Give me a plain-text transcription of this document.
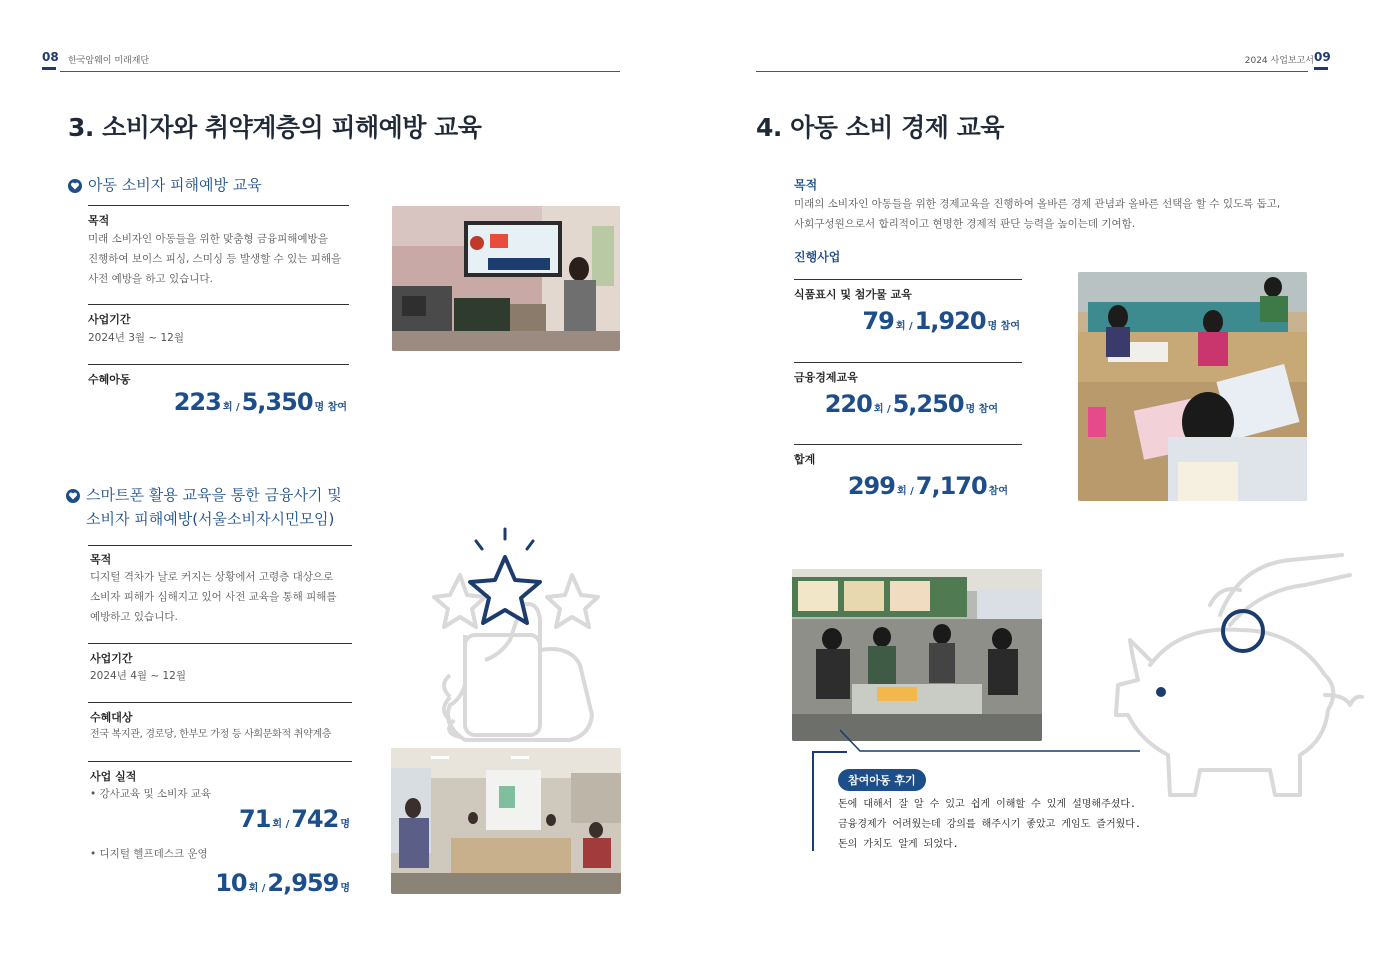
08 한국암웨이 미래재단
3. 소비자와 취약계층의 피해예방 교육
아동 소비자 피해예방 교육
목적
미래 소비자인 아동들을 위한 맞춤형 금융피해예방을
진행하여 보이스 피싱, 스미싱 등 발생할 수 있는 피해을
사전 예방을 하고 있습니다.
사업기간
2024년 3월 ~ 12월
수혜아동
223 회 / 5,350 명 참여
스마트폰 활용 교육을 통한 금융사기 및
소비자 피해예방(서울소비자시민모임)
목적
디지털 격차가 날로 커지는 상황에서 고령층 대상으로
소비자 피해가 심해지고 있어 사전 교육을 통해 피해를
예방하고 있습니다.
사업기간
2024년 4월 ~ 12월
수혜대상
전국 복지관, 경로당, 한부모 가정 등 사회문화적 취약계층
사업 실적
• 강사교육 및 소비자 교육
71 회 / 742 명
• 디지털 헬프데스크 운영
10 회 / 2,959 명
2024 사업보고서 09
4. 아동 소비 경제 교육
목적
미래의 소비자인 아동들을 위한 경제교육을 진행하여 올바른 경제 관념과 올바른 선택을 할 수 있도록 돕고,
사회구성원으로서 합리적이고 현명한 경제적 판단 능력을 높이는데 기여함.
진행사업
식품표시 및 첨가물 교육
79 회 / 1,920 명 참여
금융경제교육
220 회 / 5,250 명 참여
합계
299 회 / 7,170 참여
참여아동 후기
돈에 대해서 잘 알 수 있고 쉽게 이해할 수 있게 설명해주셨다.
금융경제가 어려웠는데 강의를 해주시기 좋았고 게임도 즐거웠다.
돈의 가치도 알게 되었다.
